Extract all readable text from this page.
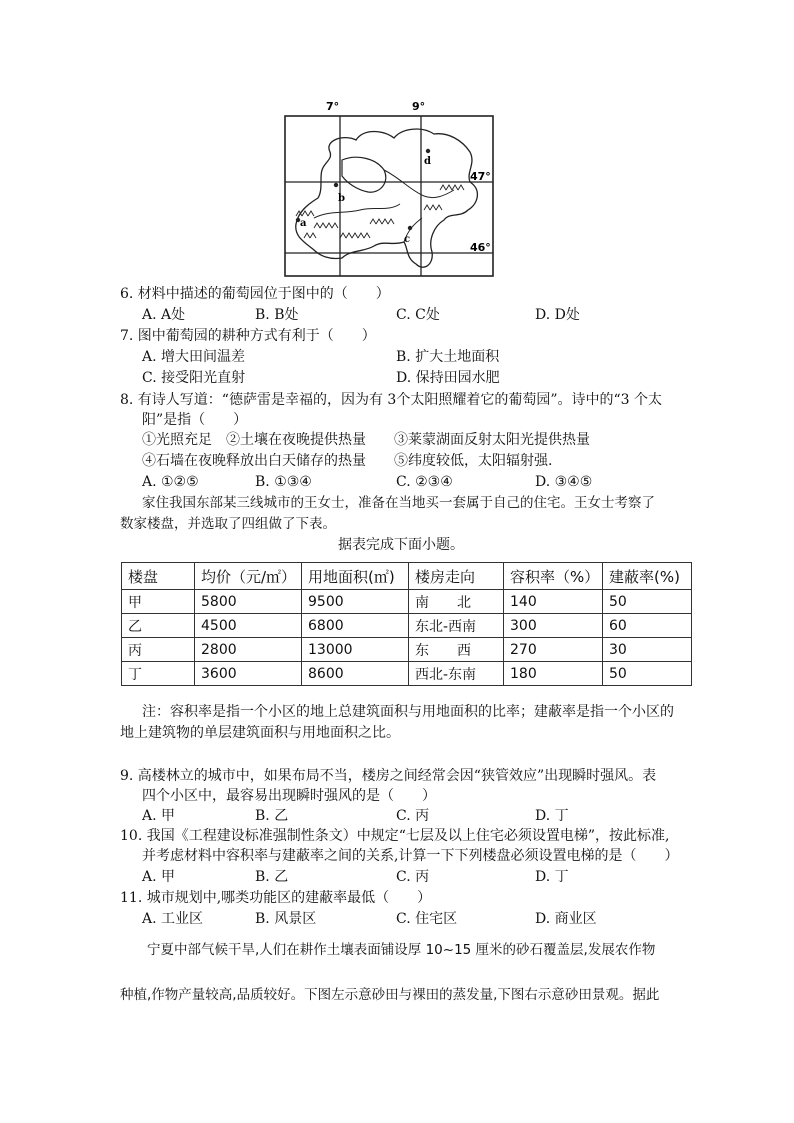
7°	9°
47°
46°
a
b
c
d
6. 材料中描述的葡萄园位于图中的（　　）
A. A处	B. B处	C. C处	D. D处
7. 图中葡萄园的耕种方式有利于（　　）
A. 增大田间温差	B. 扩大土地面积
C. 接受阳光直射	D. 保持田园水肥
8. 有诗人写道：“德萨雷是幸福的，因为有 3个太阳照耀着它的葡萄园”。诗中的“3 个太
阳”是指（　　）
①光照充足　②土壤在夜晚提供热量　　③莱蒙湖面反射太阳光提供热量
④石墙在夜晚释放出白天储存的热量　　⑤纬度较低，太阳辐射强.
A. ①②⑤	B. ①③④	C. ②③④	D. ③④⑤
家住我国东部某三线城市的王女士，准备在当地买一套属于自己的住宅。王女士考察了
数家楼盘，并选取了四组做了下表。
据表完成下面小题。
楼盘	均价（元/㎡）	用地面积(㎡)	楼房走向	容积率（%）	建蔽率(%)
甲	5800	9500	南　　北	140	50
乙	4500	6800	东北-西南	300	60
丙	2800	13000	东　　西	270	30
丁	3600	8600	西北-东南	180	50
注：容积率是指一个小区的地上总建筑面积与用地面积的比率；建蔽率是指一个小区的
地上建筑物的单层建筑面积与用地面积之比。
9. 高楼林立的城市中，如果布局不当，楼房之间经常会因“狭管效应”出现瞬时强风。表
四个小区中，最容易出现瞬时强风的是（　　）
A. 甲	B. 乙	C. 丙	D. 丁
10. 我国《工程建设标准强制性条文）中规定“七层及以上住宅必须设置电梯”，按此标准,
并考虑材料中容积率与建蔽率之间的关系,计算一下下列楼盘必须设置电梯的是（　　）
A. 甲	B. 乙	C. 丙	D. 丁
11. 城市规划中,哪类功能区的建蔽率最低（　　）
A. 工业区	B. 风景区	C. 住宅区	D. 商业区
宁夏中部气候干旱,人们在耕作土壤表面铺设厚 10~15 厘米的砂石覆盖层,发展农作物
种植,作物产量较高,品质较好。下图左示意砂田与裸田的蒸发量,下图右示意砂田景观。据此
